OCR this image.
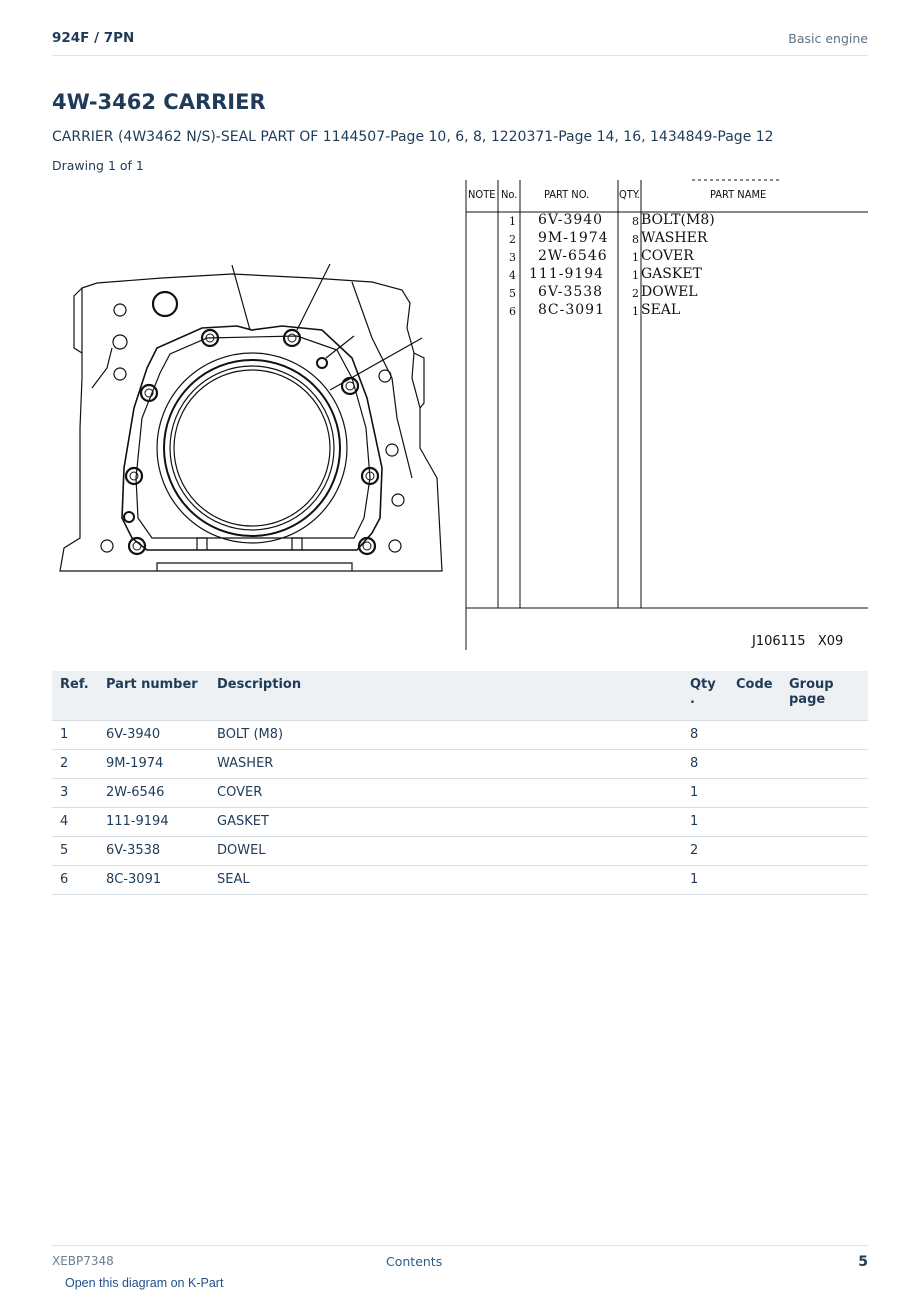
924F / 7PN	Basic engine
4W-3462 CARRIER
CARRIER (4W3462 N/S)-SEAL PART OF 1144507-Page 10, 6, 8, 1220371-Page 14, 16, 1434849-Page 12
Drawing 1 of 1
NOTE No. PART NO.	QTY.	PART NAME
1 6V-3940	8 BOLT(M8)
2 9M-1974 8 WASHER
3 2W-6546 1 COVER
4 111-9194	1 GASKET
5 6V-3538	2 DOWEL
6 8C-3091 1 SEAL
J106115   X09
Ref.	Part number	Description	Qty
.	Code	Group
page
1	6V-3940	BOLT (M8)	8		
2	9M-1974	WASHER	8		
3	2W-6546	COVER	1		
4	111-9194	GASKET	1		
5	6V-3538	DOWEL	2		
6	8C-3091	SEAL	1		
XEBP7348	Contents	5
Open this diagram on K-Part
